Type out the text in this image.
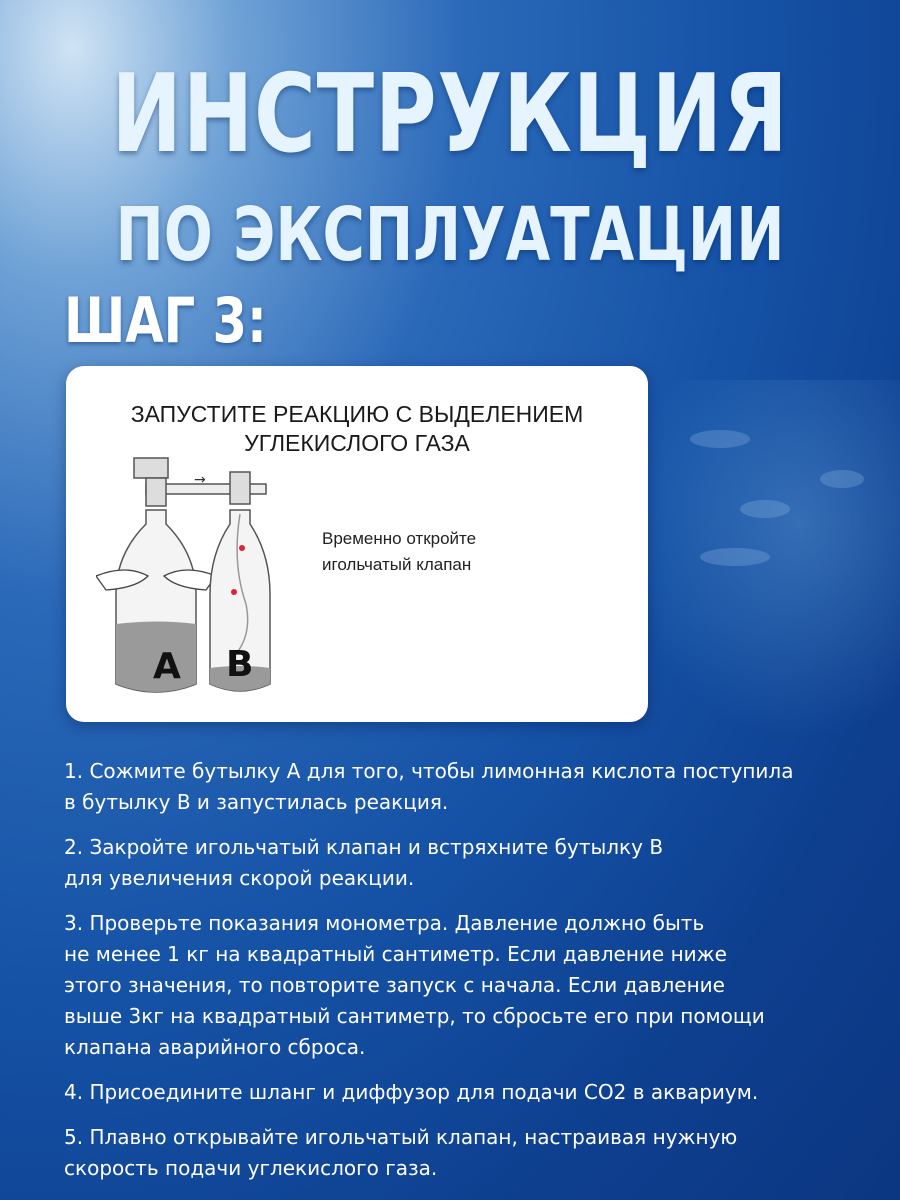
ИНСТРУКЦИЯ
ПО ЭКСПЛУАТАЦИИ
ШАГ 3:
ЗАПУСТИТЕ РЕАКЦИЮ С ВЫДЕЛЕНИЕМ
УГЛЕКИСЛОГО ГАЗА
→
A B
Временно откройте
игольчатый клапан

1. Сожмите бутылку А для того, чтобы лимонная кислота поступила
в бутылку В и запустилась реакция.

2. Закройте игольчатый клапан и встряхните бутылку В
для увеличения скорой реакции.

3. Проверьте показания монометра. Давление должно быть
не менее 1 кг на квадратный сантиметр. Если давление ниже
этого значения, то повторите запуск с начала. Если давление
выше 3кг на квадратный сантиметр, то сбросьте его при помощи
клапана аварийного сброса.

4. Присоедините шланг и диффузор для подачи СО2 в аквариум.

5. Плавно открывайте игольчатый клапан, настраивая нужную
скорость подачи углекислого газа.
